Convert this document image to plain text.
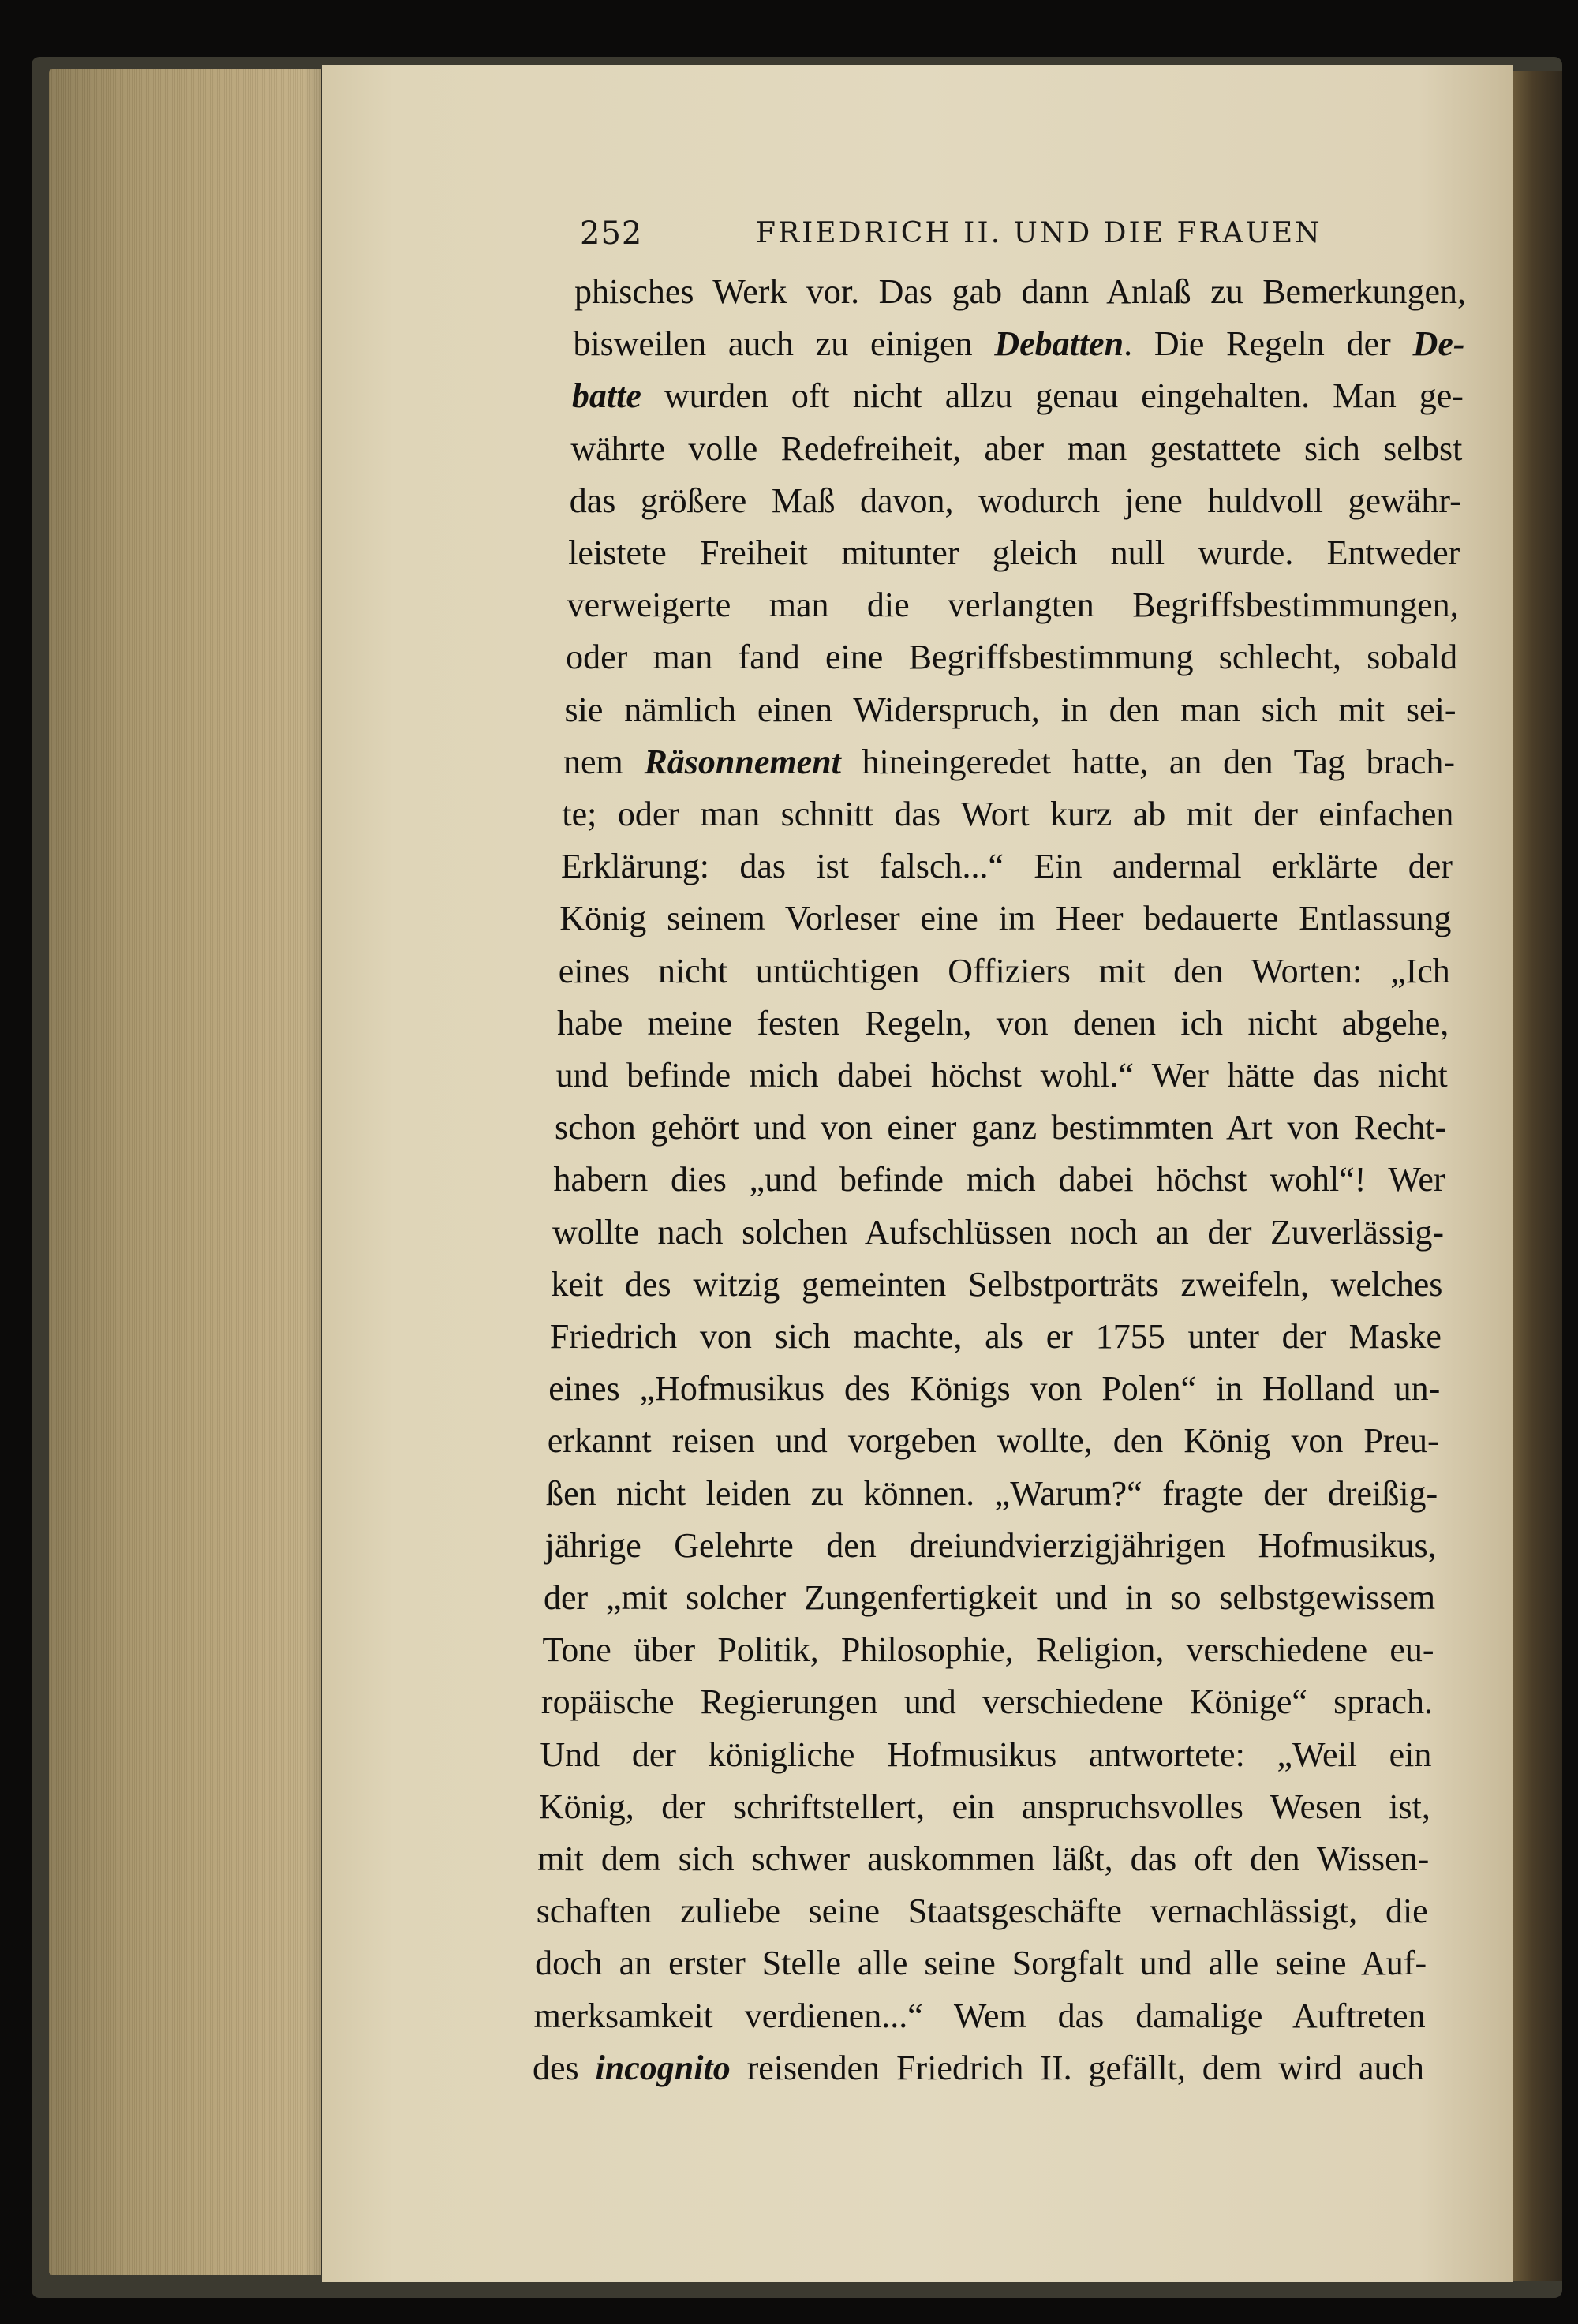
252	FRIEDRICH II. UND DIE FRAUEN
phisches Werk vor. Das gab dann Anlaß zu Bemerkungen,
bisweilen auch zu einigen Debatten. Die Regeln der De-
batte wurden oft nicht allzu genau eingehalten. Man ge-
währte volle Redefreiheit, aber man gestattete sich selbst
das größere Maß davon, wodurch jene huldvoll gewähr-
leistete Freiheit mitunter gleich null wurde. Entweder
verweigerte man die verlangten Begriffsbestimmungen,
oder man fand eine Begriffsbestimmung schlecht, sobald
sie nämlich einen Widerspruch, in den man sich mit sei-
nem Räsonnement hineingeredet hatte, an den Tag brach-
te; oder man schnitt das Wort kurz ab mit der einfachen
Erklärung: das ist falsch...“ Ein andermal erklärte der
König seinem Vorleser eine im Heer bedauerte Entlassung
eines nicht untüchtigen Offiziers mit den Worten: „Ich
habe meine festen Regeln, von denen ich nicht abgehe,
und befinde mich dabei höchst wohl.“ Wer hätte das nicht
schon gehört und von einer ganz bestimmten Art von Recht-
habern dies „und befinde mich dabei höchst wohl“! Wer
wollte nach solchen Aufschlüssen noch an der Zuverlässig-
keit des witzig gemeinten Selbstporträts zweifeln, welches
Friedrich von sich machte, als er 1755 unter der Maske
eines „Hofmusikus des Königs von Polen“ in Holland un-
erkannt reisen und vorgeben wollte, den König von Preu-
ßen nicht leiden zu können. „Warum?“ fragte der dreißig-
jährige Gelehrte den dreiundvierzigjährigen Hofmusikus,
der „mit solcher Zungenfertigkeit und in so selbstgewissem
Tone über Politik, Philosophie, Religion, verschiedene eu-
ropäische Regierungen und verschiedene Könige“ sprach.
Und der königliche Hofmusikus antwortete: „Weil ein
König, der schriftstellert, ein anspruchsvolles Wesen ist,
mit dem sich schwer auskommen läßt, das oft den Wissen-
schaften zuliebe seine Staatsgeschäfte vernachlässigt, die
doch an erster Stelle alle seine Sorgfalt und alle seine Auf-
merksamkeit verdienen...“ Wem das damalige Auftreten
des incognito reisenden Friedrich II. gefällt, dem wird auch
